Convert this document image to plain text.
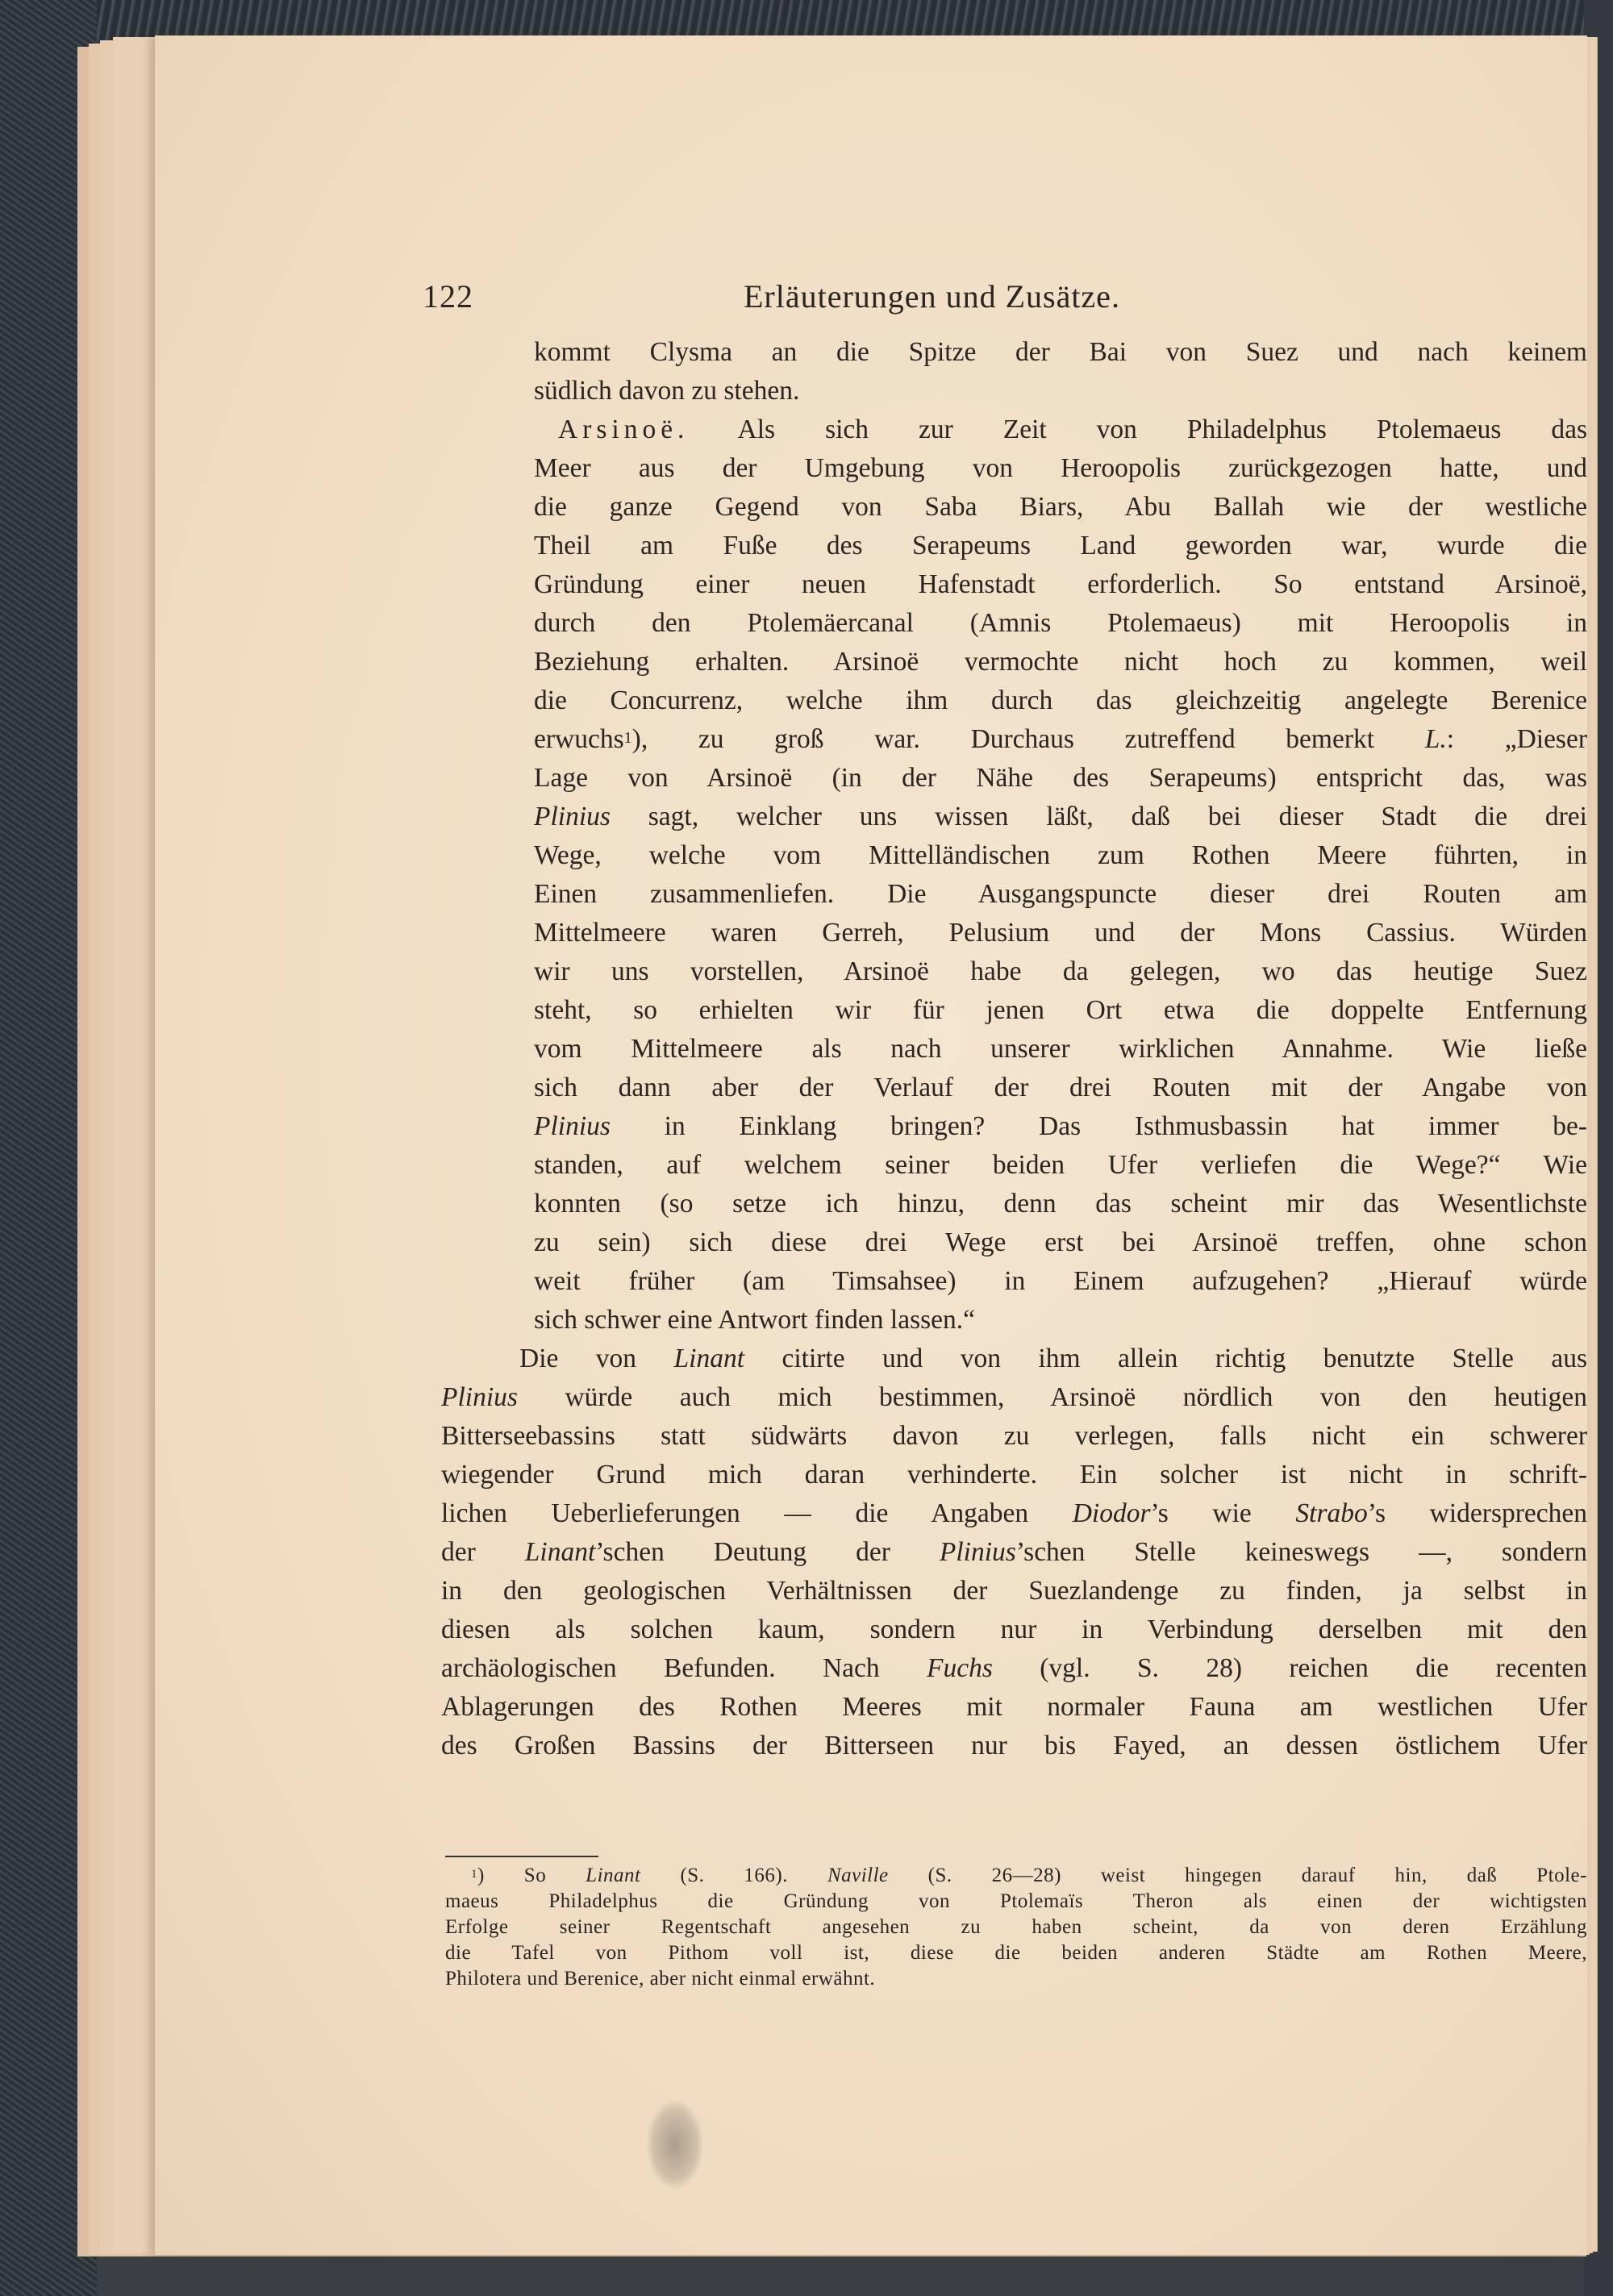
122	Erläuterungen und Zusätze.
kommt Clysma an die Spitze der Bai von Suez und nach keinem
südlich davon zu stehen.
Arsinoë. Als sich zur Zeit von Philadelphus Ptolemaeus das
Meer aus der Umgebung von Heroopolis zurückgezogen hatte, und
die ganze Gegend von Saba Biars, Abu Ballah wie der westliche
Theil am Fuße des Serapeums Land geworden war, wurde die
Gründung einer neuen Hafenstadt erforderlich. So entstand Arsinoë,
durch den Ptolemäercanal (Amnis Ptolemaeus) mit Heroopolis in
Beziehung erhalten. Arsinoë vermochte nicht hoch zu kommen, weil
die Concurrenz, welche ihm durch das gleichzeitig angelegte Berenice
erwuchs$^1$), zu groß war. Durchaus zutreffend bemerkt L.: „Dieser
Lage von Arsinoë (in der Nähe des Serapeums) entspricht das, was
Plinius sagt, welcher uns wissen läßt, daß bei dieser Stadt die drei
Wege, welche vom Mittelländischen zum Rothen Meere führten, in
Einen zusammenliefen. Die Ausgangspuncte dieser drei Routen am
Mittelmeere waren Gerreh, Pelusium und der Mons Cassius. Würden
wir uns vorstellen, Arsinoë habe da gelegen, wo das heutige Suez
steht, so erhielten wir für jenen Ort etwa die doppelte Entfernung
vom Mittelmeere als nach unserer wirklichen Annahme. Wie ließe
sich dann aber der Verlauf der drei Routen mit der Angabe von
Plinius in Einklang bringen? Das Isthmusbassin hat immer be-
standen, auf welchem seiner beiden Ufer verliefen die Wege?“ Wie
konnten (so setze ich hinzu, denn das scheint mir das Wesentlichste
zu sein) sich diese drei Wege erst bei Arsinoë treffen, ohne schon
weit früher (am Timsahsee) in Einem aufzugehen? „Hierauf würde
sich schwer eine Antwort finden lassen.“
Die von Linant citirte und von ihm allein richtig benutzte Stelle aus
Plinius würde auch mich bestimmen, Arsinoë nördlich von den heutigen
Bitterseebassins statt südwärts davon zu verlegen, falls nicht ein schwerer
wiegender Grund mich daran verhinderte. Ein solcher ist nicht in schrift-
lichen Ueberlieferungen — die Angaben Diodor’s wie Strabo’s widersprechen
der Linant’schen Deutung der Plinius’schen Stelle keineswegs —, sondern
in den geologischen Verhältnissen der Suezlandenge zu finden, ja selbst in
diesen als solchen kaum, sondern nur in Verbindung derselben mit den
archäologischen Befunden. Nach Fuchs (vgl. S. 28) reichen die recenten
Ablagerungen des Rothen Meeres mit normaler Fauna am westlichen Ufer
des Großen Bassins der Bitterseen nur bis Fayed, an dessen östlichem Ufer
$^1$) So Linant (S. 166). Naville (S. 26—28) weist hingegen darauf hin, daß Ptole-
maeus Philadelphus die Gründung von Ptolemaïs Theron als einen der wichtigsten
Erfolge seiner Regentschaft angesehen zu haben scheint, da von deren Erzählung
die Tafel von Pithom voll ist, diese die beiden anderen Städte am Rothen Meere,
Philotera und Berenice, aber nicht einmal erwähnt.
